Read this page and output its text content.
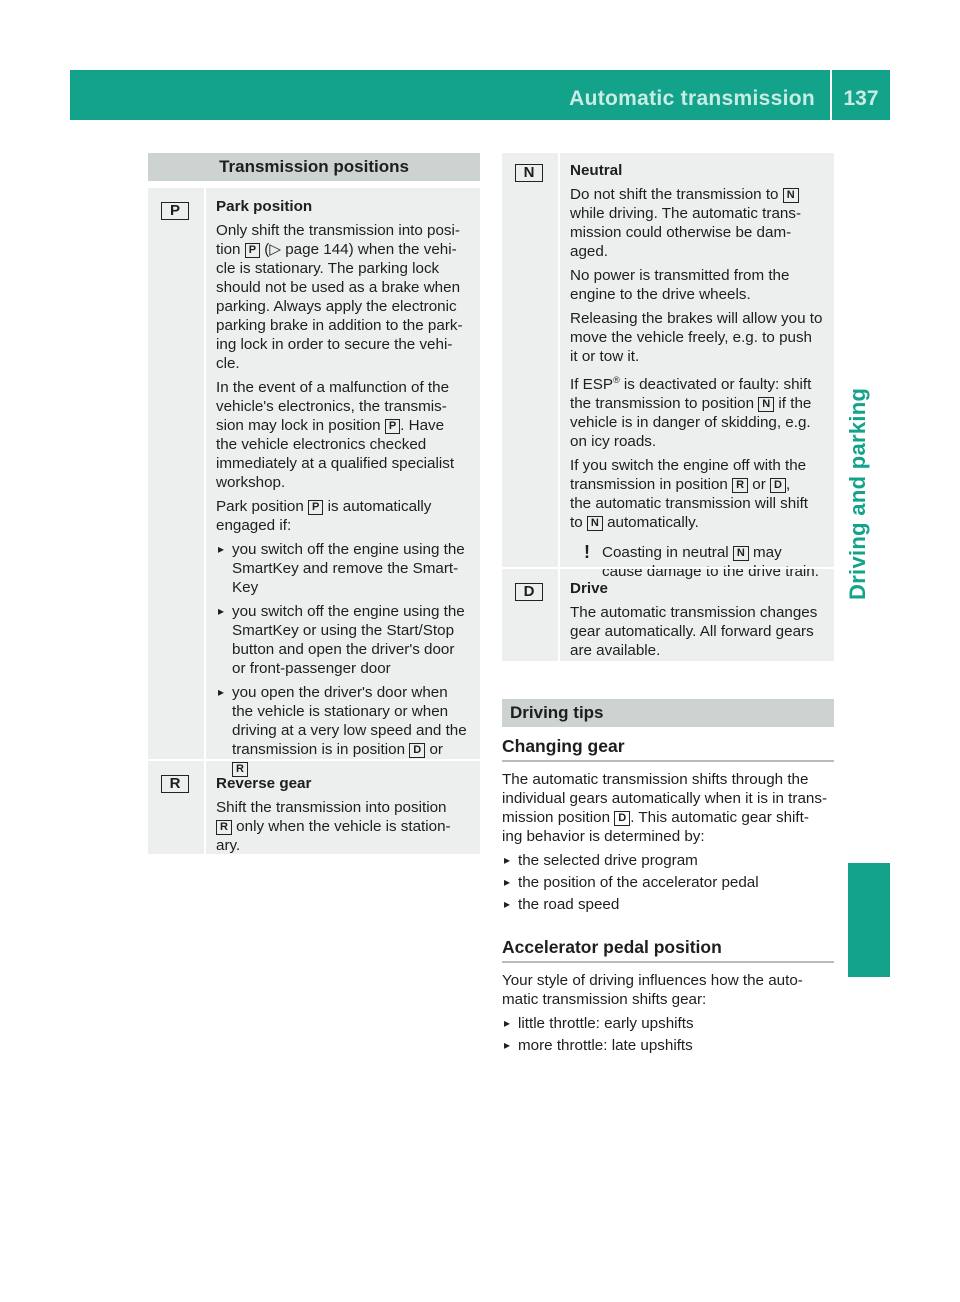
Automatic transmission	137
Driving and parking
Transmission positions
P	Park position

Only shift the transmission into posi-
tion P (▷ page 144) when the vehi-
cle is stationary. The parking lock
should not be used as a brake when
parking. Always apply the electronic
parking brake in addition to the park-
ing lock in order to secure the vehi-
cle.

In the event of a malfunction of the
vehicle's electronics, the transmis-
sion may lock in position P . Have
the vehicle electronics checked
immediately at a qualified specialist
workshop.

Park position P is automatically
engaged if:

▸ you switch off the engine using the
SmartKey and remove the Smart-
Key
▸ you switch off the engine using the
SmartKey or using the Start/Stop
button and open the driver's door
or front-passenger door
▸ you open the driver's door when
the vehicle is stationary or when
driving at a very low speed and the
transmission is in position D or
R
R	Reverse gear

Shift the transmission into position
R only when the vehicle is station-
ary.

N	Neutral

Do not shift the transmission to N
while driving. The automatic trans-
mission could otherwise be dam-
aged.

No power is transmitted from the
engine to the drive wheels.

Releasing the brakes will allow you to
move the vehicle freely, e.g. to push
it or tow it.

If ESP® is deactivated or faulty: shift
the transmission to position N if the
vehicle is in danger of skidding, e.g.
on icy roads.

If you switch the engine off with the
transmission in position R or D ,
the automatic transmission will shift
to N automatically.

! Coasting in neutral N may
cause damage to the drive train.
D	Drive

The automatic transmission changes
gear automatically. All forward gears
are available.

Driving tips
Changing gear

The automatic transmission shifts through the
individual gears automatically when it is in trans-
mission position D . This automatic gear shift-
ing behavior is determined by:

▸ the selected drive program
▸ the position of the accelerator pedal
▸ the road speed
Accelerator pedal position

Your style of driving influences how the auto-
matic transmission shifts gear:

▸ little throttle: early upshifts
▸ more throttle: late upshifts
